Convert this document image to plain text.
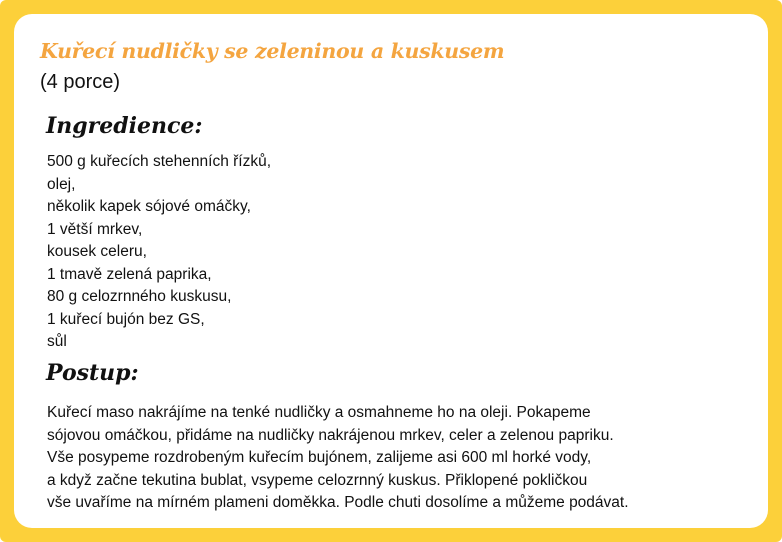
Kuřecí nudličky se zeleninou a kuskusem

(4 porce)

Ingredience:
500 g kuřecích stehenních řízků,
olej,
několik kapek sójové omáčky,
1 větší mrkev,
kousek celeru,
1 tmavě zelená paprika,
80 g celozrnného kuskusu,
1 kuřecí bujón bez GS,
sůl
Postup:
Kuřecí maso nakrájíme na tenké nudličky a osmahneme ho na oleji. Pokapeme
sójovou omáčkou, přidáme na nudličky nakrájenou mrkev, celer a zelenou papriku.
Vše posypeme rozdrobeným kuřecím bujónem, zalijeme asi 600 ml horké vody,
a když začne tekutina bublat, vsypeme celozrnný kuskus. Přiklopené pokličkou
vše uvaříme na mírném plameni doměkka. Podle chuti dosolíme a můžeme podávat.
